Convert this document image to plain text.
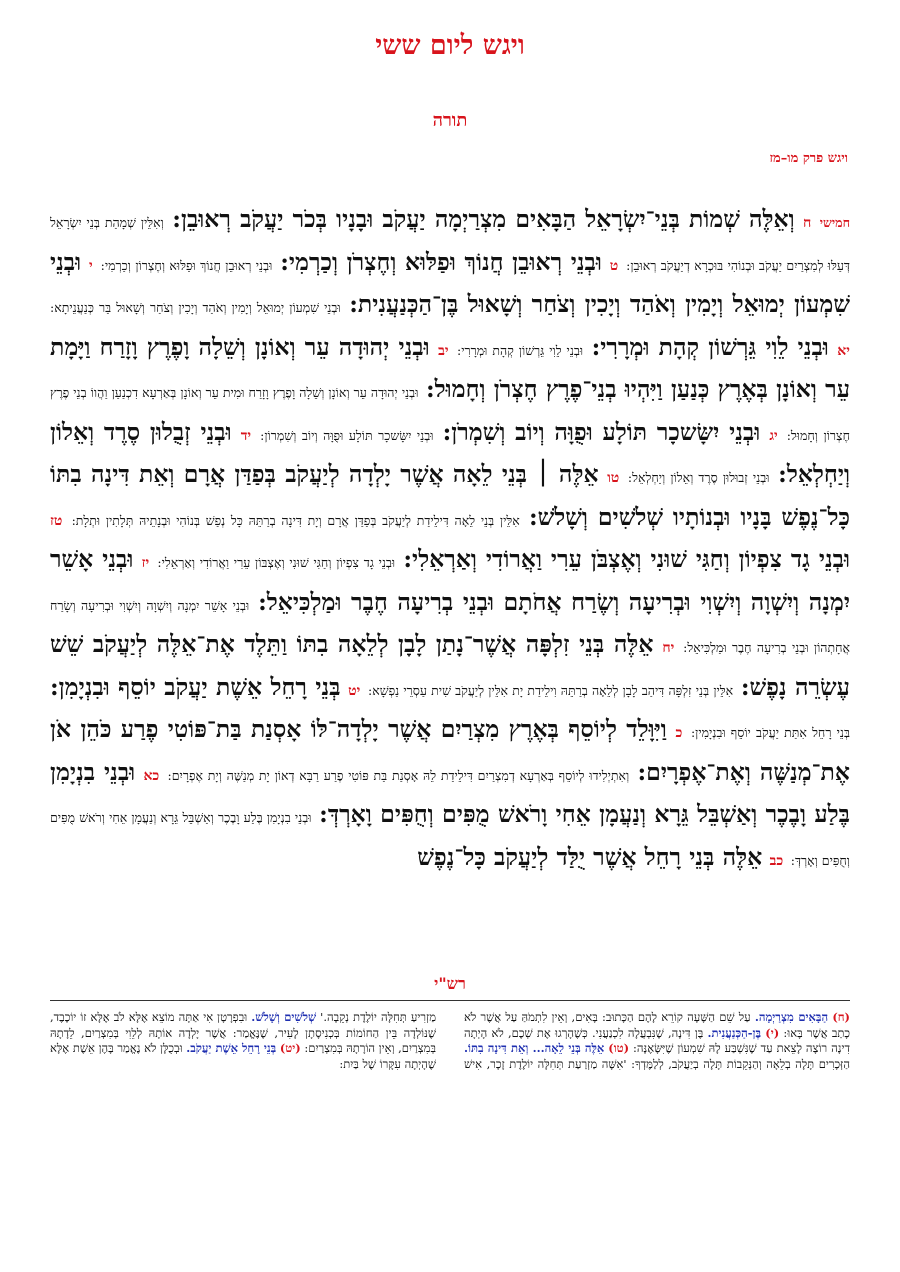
ויגש ליום ששי
תורה
ויגש פרק מו–מז

חמישי ח וְאֵלֶּה שְׁמוֹת בְּנֵי־יִשְׂרָאֵל הַבָּאִים מִצְרַיְמָה יַעֲקֹב וּבָנָיו בְּכֹר יַעֲקֹב רְאוּבֵן: וְאִלֵּין שְׁמָהַת בְּנֵי יִשְׂרָאֵל דְּעַלּוּ לְמִצְרַיִם יַעֲקֹב וּבְנוֹהִי בּוּכְרָא דְיַעֲקֹב רְאוּבֵן: ט וּבְנֵי רְאוּבֵן חֲנוֹךְ וּפַלּוּא וְחֶצְרֹן וְכַרְמִי: וּבְנֵי רְאוּבֵן חֲנוֹךְ וּפַלּוּא וְחֶצְרוֹן וְכַרְמִי: י וּבְנֵי שִׁמְעוֹן יְמוּאֵל וְיָמִין וְאֹהַד וְיָכִין וְצֹחַר וְשָׁאוּל בֶּן־הַכְּנַעֲנִית: וּבְנֵי שִׁמְעוֹן יְמוּאֵל וְיָמִין וְאֹהַד וְיָכִין וְצֹחַר וְשָׁאוּל בַּר כְּנַעֲנֵיתָא: יא וּבְנֵי לֵוִי גֵּרְשׁוֹן קְהָת וּמְרָרִי: וּבְנֵי לֵוִי גֵּרְשׁוֹן קְהָת וּמְרָרִי: יב וּבְנֵי יְהוּדָה עֵר וְאוֹנָן וְשֵׁלָה וָפֶרֶץ וָזָרַח וַיָּמָת עֵר וְאוֹנָן בְּאֶרֶץ כְּנַעַן וַיִּהְיוּ בְנֵי־פֶרֶץ חֶצְרֹן וְחָמוּל: וּבְנֵי יְהוּדָה עֵר וְאוֹנָן וְשֵׁלָה וָפֶרֶץ וָזָרַח וּמִית עֵר וְאוֹנָן בְּאַרְעָא דִכְנַעַן וַהֲווֹ בְנֵי פֶרֶץ חֶצְרוֹן וְחָמוּל: יג וּבְנֵי יִשָּׂשכָר תּוֹלָע וּפֻוָּה וְיוֹב וְשִׁמְרֹן: וּבְנֵי יִשָּׂשכָר תּוֹלָע וּפֻוָּה וְיוֹב וְשִׁמְרוֹן: יד וּבְנֵי זְבֻלוּן סֶרֶד וְאֵלוֹן וְיַחְלְאֵל: וּבְנֵי זְבוּלוּן סֶרֶד וְאֵלוֹן וְיַחְלְאֵל: טו אֵלֶּה ׀ בְּנֵי לֵאָה אֲשֶׁר יָלְדָה לְיַעֲקֹב בְּפַדַּן אֲרָם וְאֵת דִּינָה בִתּוֹ כָּל־נֶפֶשׁ בָּנָיו וּבְנוֹתָיו שְׁלֹשִׁים וְשָׁלֹשׁ: אִלֵּין בְּנֵי לֵאָה דִּילֵידַת לְיַעֲקֹב בְּפַדַּן אֲרָם וְיָת דִּינָה בְרַתֵּהּ כָּל נְפַשׁ בְּנוֹהִי וּבְנָתֵיהּ תְּלָתִין וּתְלָת: טז וּבְנֵי גָד צִפְיוֹן וְחַגִּי שׁוּנִי וְאֶצְבֹּן עֵרִי וַאֲרוֹדִי וְאַרְאֵלִי: וּבְנֵי גָד צִפְיוֹן וְחַגִּי שׁוּנִי וְאֶצְבּוֹן עֵרִי וַאֲרוֹדִי וְאַרְאֵלִי: יז וּבְנֵי אָשֵׁר יִמְנָה וְיִשְׁוָה וְיִשְׁוִי וּבְרִיעָה וְשֶׂרַח אֲחֹתָם וּבְנֵי בְרִיעָה חֶבֶר וּמַלְכִּיאֵל: וּבְנֵי אָשֵׁר יִמְנָה וְיִשְׁוָה וְיִשְׁוִי וּבְרִיעָה וְשָׂרַח אֲחָתְהוֹן וּבְנֵי בְרִיעָה חֶבֶר וּמַלְכִּיאֵל: יח אֵלֶּה בְּנֵי זִלְפָּה אֲשֶׁר־נָתַן לָבָן לְלֵאָה בִתּוֹ וַתֵּלֶד אֶת־אֵלֶּה לְיַעֲקֹב שֵׁשׁ עֶשְׂרֵה נָפֶשׁ: אִלֵּין בְּנֵי זִלְפָּה דִּיהַב לָבָן לְלֵאָה בְרַתֵּהּ וִילֵידַת יָת אִלֵּין לְיַעֲקֹב שִׁית עַסְרֵי נַפְשָׁא: יט בְּנֵי רָחֵל אֵשֶׁת יַעֲקֹב יוֹסֵף וּבִנְיָמִן: בְּנֵי רָחֵל אִתַּת יַעֲקֹב יוֹסֵף וּבִנְיָמִין: כ וַיִּוָּלֵד לְיוֹסֵף בְּאֶרֶץ מִצְרַיִם אֲשֶׁר יָלְדָה־לּוֹ אָסְנַת בַּת־פּוֹטִי פֶרַע כֹּהֵן אֹן אֶת־מְנַשֶּׁה וְאֶת־אֶפְרָיִם: וְאִתְיְלִידוּ לְיוֹסֵף בְּאַרְעָא דְמִצְרַיִם דִּילֵידַת לֵהּ אָסְנַת בַּת פּוֹטִי פֶרַע רַבָּא דְאוֹן יָת מְנַשֶּׁה וְיָת אֶפְרָיִם: כא וּבְנֵי בִנְיָמִן בֶּלַע וָבֶכֶר וְאַשְׁבֵּל גֵּרָא וְנַעֲמָן אֵחִי וָרֹאשׁ מֻפִּים וְחֻפִּים וָאָרְדְּ: וּבְנֵי בִנְיָמִן בֶּלַע וָבֶכֶר וְאַשְׁבֵּל גֵּרָא וְנַעֲמָן אֵחִי וְרֹאשׁ מֻפִּים וְחֻפִּים וְאָרְדְּ: כב אֵלֶּה בְּנֵי רָחֵל אֲשֶׁר יֻלַּד לְיַעֲקֹב כָּל־נֶפֶשׁ

רש"י

(ח) הַבָּאִים מִצְרַיְמָה. עַל שֵׁם הַשָּׁעָה קוֹרֵא לָהֶם הַכָּתוּב: בָּאִים, וְאֵין לִתְמֹהַּ עַל אֲשֶׁר לֹא כָתַב אֲשֶׁר בָּאוּ: (י) בֶּן-הַכְּנַעֲנִית. בֶּן דִּינָה, שֶׁנִּבְעֲלָה לִכְנַעֲנִי. כְּשֶׁהָרְגוּ אֶת שְׁכֶם, לֹא הָיְתָה דִינָה רוֹצָה לָצֵאת עַד שֶׁנִּשְׁבַּע לָהּ שִׁמְעוֹן שֶׁיִּשָּׂאֶנָּה: (טו) אֵלֶּה בְּנֵי לֵאָה... וְאֵת דִּינָה בִתּוֹ. הַזְּכָרִים תָּלָה בְלֵאָה וְהַנְּקֵבוֹת תָּלָה בְיַעֲקֹב, לְלַמֶּדְךָ: 'אִשָּׁה מַזְרַעַת תְּחִלָּה יוֹלֶדֶת זָכָר, אִישׁ מַזְרִיעַ תְּחִלָּה יוֹלֶדֶת נְקֵבָה.' שְׁלֹשִׁים וְשָׁלֹשׁ. וּבִפְרָטָן אִי אַתָּה מוֹצֵא אֶלָּא לֹב אֶלָּא זוֹ יוֹכֶבֶד, שֶׁנּוֹלְדָה בֵּין הַחוֹמוֹת בְּכְנִיסָתָן לָעִיר, שֶׁנֶּאֱמַר: אֲשֶׁר יָלְדָה אוֹתָהּ לְלֵוִי בְּמִצְרַיִם, לֵדָתָהּ בְּמִצְרַיִם, וְאֵין הוֹרָתָהּ בְּמִצְרַיִם: (יט) בְּנֵי רָחֵל אֵשֶׁת יַעֲקֹב. וּבְכֻלָּן לֹא נֶאֱמַר בָּהֶן אֵשֶׁת אֶלָּא שֶׁהָיְתָה עִקָּרוֹ שֶׁל בַּיִת:
